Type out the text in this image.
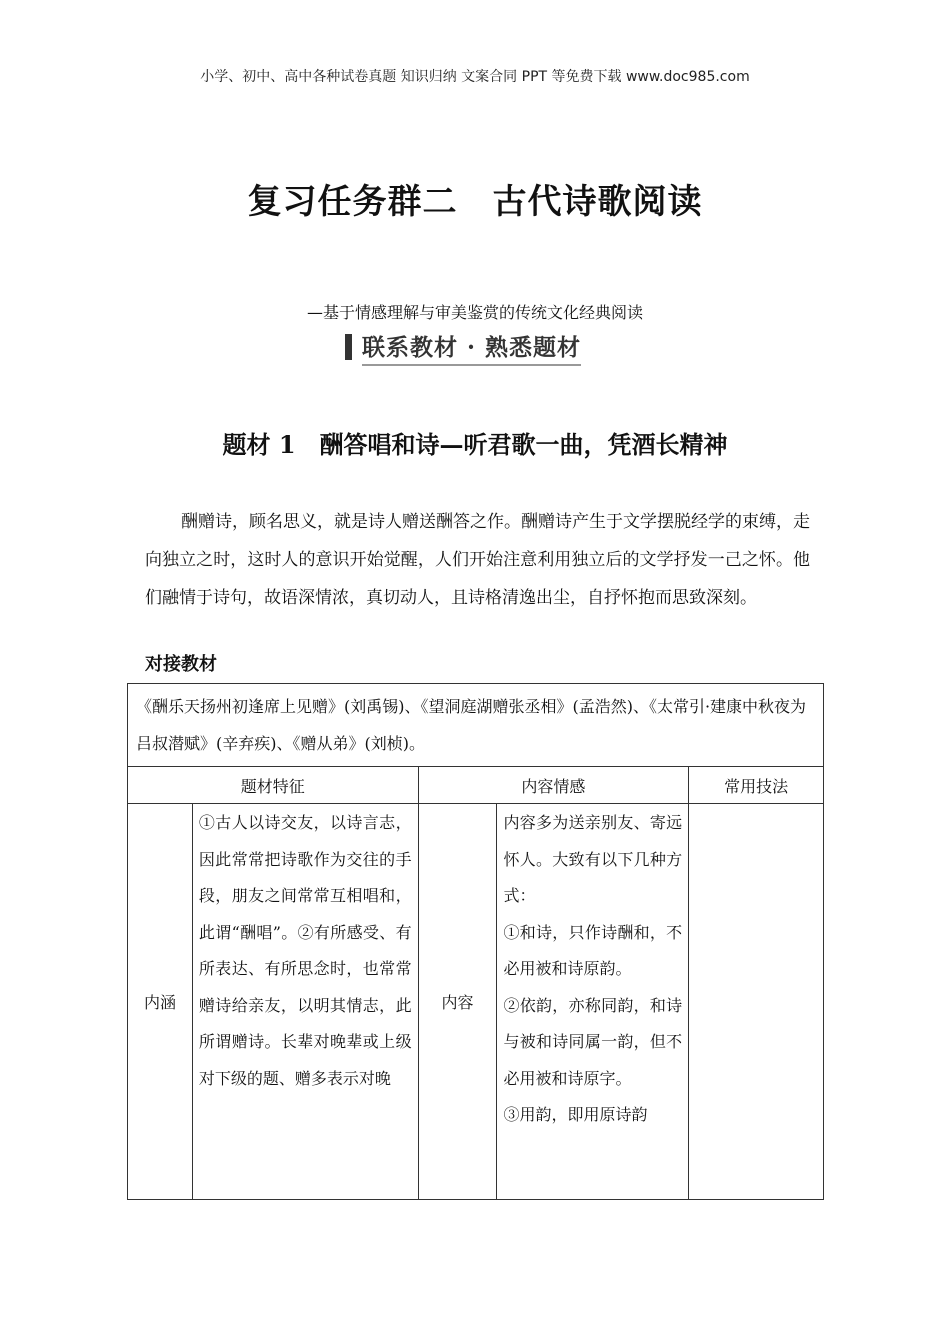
小学、初中、高中各种试卷真题 知识归纳 文案合同 PPT 等免费下载 www.doc985.com
复习任务群二　古代诗歌阅读
—基于情感理解与审美鉴赏的传统文化经典阅读
联系教材 · 熟悉题材
题材 1　酬答唱和诗—听君歌一曲，凭酒长精神
酬赠诗，顾名思义，就是诗人赠送酬答之作。酬赠诗产生于文学摆脱经学的束缚，走向独立之时，这时人的意识开始觉醒，人们开始注意利用独立后的文学抒发一己之怀。他们融情于诗句，故语深情浓，真切动人，且诗格清逸出尘，自抒怀抱而思致深刻。
对接教材
《酬乐天扬州初逢席上见赠》(刘禹锡)、《望洞庭湖赠张丞相》(孟浩然)、《太常引·建康中秋夜为吕叔潜赋》(辛弃疾)、《赠从弟》(刘桢)。				
题材特征		内容情感		常用技法
内涵	①古人以诗交友，以诗言志，因此常常把诗歌作为交往的手段，朋友之间常常互相唱和，此谓“酬唱”。②有所感受、有所表达、有所思念时，也常常赠诗给亲友，以明其情志，此所谓赠诗。长辈对晚辈或上级对下级的题、赠多表示对晚	内容	内容多为送亲别友、寄远怀人。大致有以下几种方式：
①和诗，只作诗酬和，不必用被和诗原韵。
②依韵，亦称同韵，和诗与被和诗同属一韵，但不必用被和诗原字。
③用韵，即用原诗韵	
